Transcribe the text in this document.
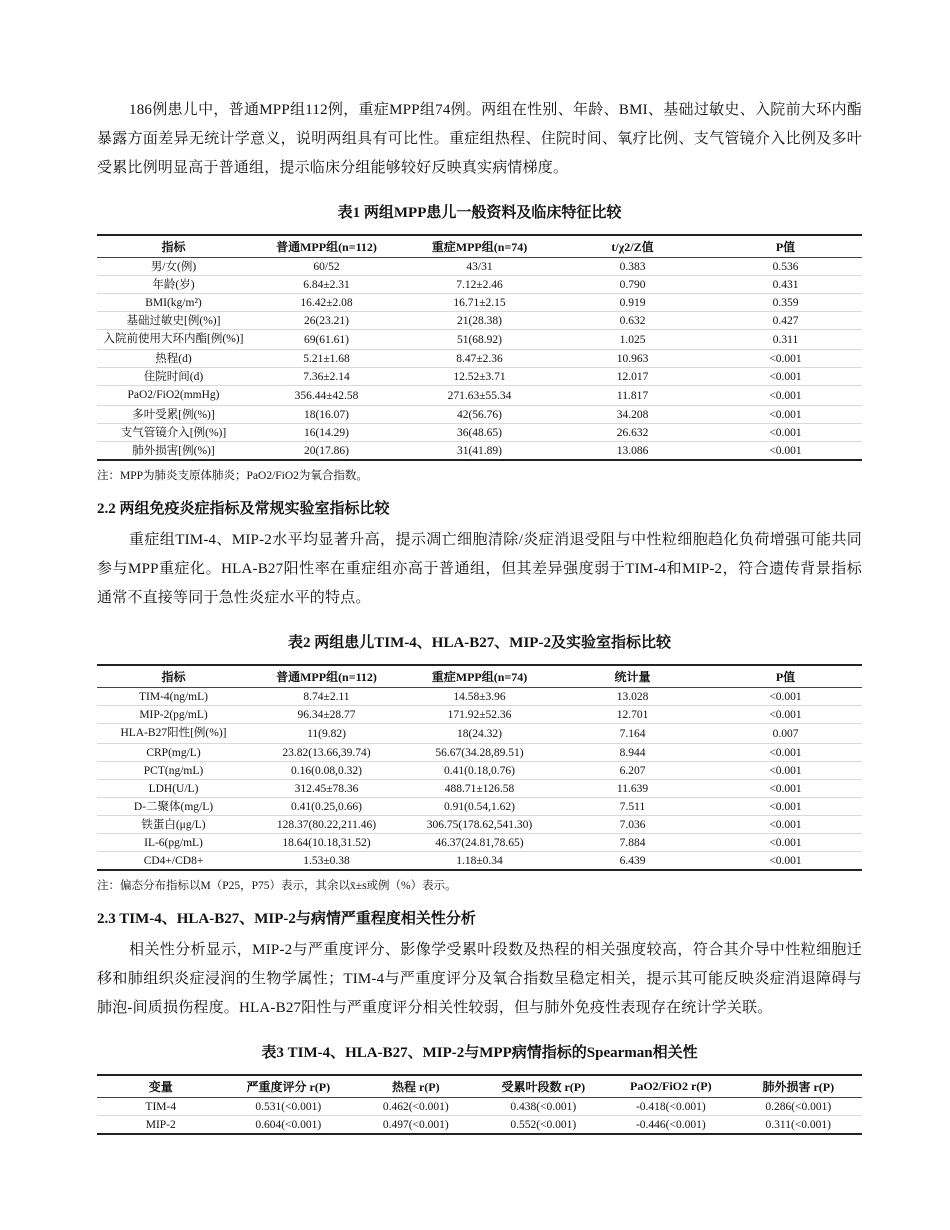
186例患儿中，普通MPP组112例，重症MPP组74例。两组在性别、年龄、BMI、基础过敏史、入院前大环内酯暴露方面差异无统计学意义，说明两组具有可比性。重症组热程、住院时间、氧疗比例、支气管镜介入比例及多叶受累比例明显高于普通组，提示临床分组能够较好反映真实病情梯度。

表1 两组MPP患儿一般资料及临床特征比较
指标	普通MPP组(n=112)	重症MPP组(n=74)	t/χ2/Z值	P值
男/女(例)	60/52	43/31	0.383	0.536
年龄(岁)	6.84±2.31	7.12±2.46	0.790	0.431
BMI(kg/m²)	16.42±2.08	16.71±2.15	0.919	0.359
基础过敏史[例(%)]	26(23.21)	21(28.38)	0.632	0.427
入院前使用大环内酯[例(%)]	69(61.61)	51(68.92)	1.025	0.311
热程(d)	5.21±1.68	8.47±2.36	10.963	<0.001
住院时间(d)	7.36±2.14	12.52±3.71	12.017	<0.001
PaO2/FiO2(mmHg)	356.44±42.58	271.63±55.34	11.817	<0.001
多叶受累[例(%)]	18(16.07)	42(56.76)	34.208	<0.001
支气管镜介入[例(%)]	16(14.29)	36(48.65)	26.632	<0.001
肺外损害[例(%)]	20(17.86)	31(41.89)	13.086	<0.001
注：MPP为肺炎支原体肺炎；PaO2/FiO2为氧合指数。
2.2 两组免疫炎症指标及常规实验室指标比较

重症组TIM-4、MIP-2水平均显著升高，提示凋亡细胞清除/炎症消退受阻与中性粒细胞趋化负荷增强可能共同参与MPP重症化。HLA-B27阳性率在重症组亦高于普通组，但其差异强度弱于TIM-4和MIP-2，符合遗传背景指标通常不直接等同于急性炎症水平的特点。

表2 两组患儿TIM-4、HLA-B27、MIP-2及实验室指标比较
指标	普通MPP组(n=112)	重症MPP组(n=74)	统计量	P值
TIM-4(ng/mL)	8.74±2.11	14.58±3.96	13.028	<0.001
MIP-2(pg/mL)	96.34±28.77	171.92±52.36	12.701	<0.001
HLA-B27阳性[例(%)]	11(9.82)	18(24.32)	7.164	0.007
CRP(mg/L)	23.82(13.66,39.74)	56.67(34.28,89.51)	8.944	<0.001
PCT(ng/mL)	0.16(0.08,0.32)	0.41(0.18,0.76)	6.207	<0.001
LDH(U/L)	312.45±78.36	488.71±126.58	11.639	<0.001
D-二聚体(mg/L)	0.41(0.25,0.66)	0.91(0.54,1.62)	7.511	<0.001
铁蛋白(μg/L)	128.37(80.22,211.46)	306.75(178.62,541.30)	7.036	<0.001
IL-6(pg/mL)	18.64(10.18,31.52)	46.37(24.81,78.65)	7.884	<0.001
CD4+/CD8+	1.53±0.38	1.18±0.34	6.439	<0.001
注：偏态分布指标以M（P25，P75）表示，其余以x̄±s或例（%）表示。
2.3 TIM-4、HLA-B27、MIP-2与病情严重程度相关性分析

相关性分析显示，MIP-2与严重度评分、影像学受累叶段数及热程的相关强度较高，符合其介导中性粒细胞迁移和肺组织炎症浸润的生物学属性；TIM-4与严重度评分及氧合指数呈稳定相关，提示其可能反映炎症消退障碍与肺泡-间质损伤程度。HLA-B27阳性与严重度评分相关性较弱，但与肺外免疫性表现存在统计学关联。

表3 TIM-4、HLA-B27、MIP-2与MPP病情指标的Spearman相关性
变量	严重度评分 r(P)	热程 r(P)	受累叶段数 r(P)	PaO2/FiO2 r(P)	肺外损害 r(P)
TIM-4	0.531(<0.001)	0.462(<0.001)	0.438(<0.001)	-0.418(<0.001)	0.286(<0.001)
MIP-2	0.604(<0.001)	0.497(<0.001)	0.552(<0.001)	-0.446(<0.001)	0.311(<0.001)
